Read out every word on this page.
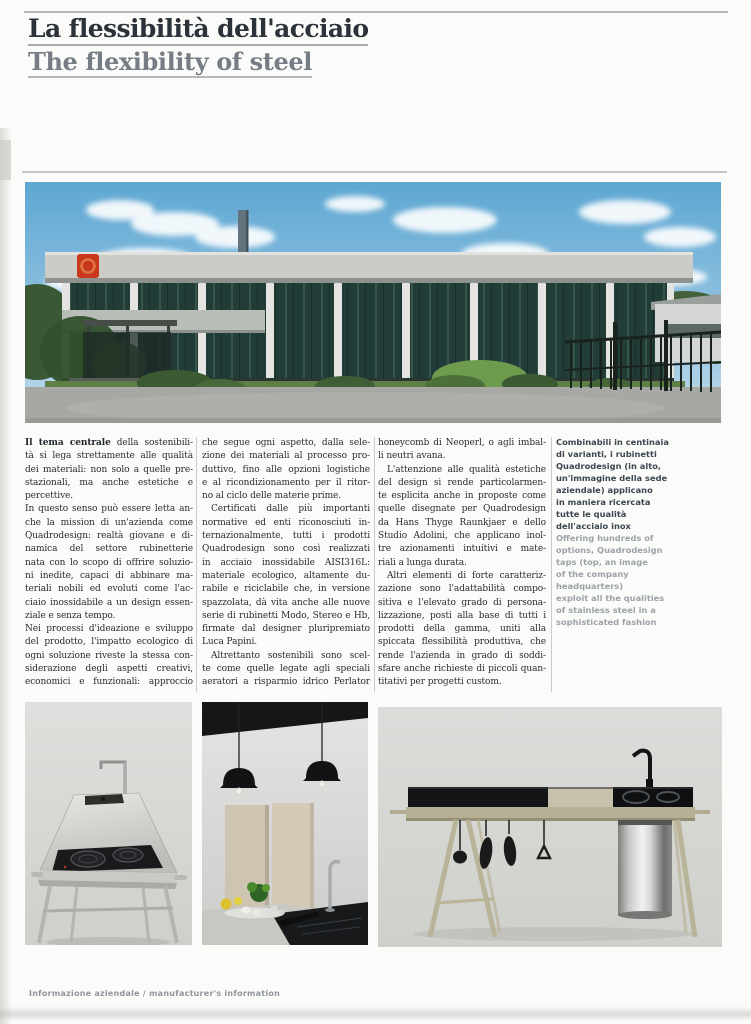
La flessibilità dell'acciaio
The flexibility of steel
Il tema centrale della sostenibili-
tà si lega strettamente alle qualità
dei materiali: non solo a quelle pre-
stazionali, ma anche estetiche e
percettive.
In questo senso può essere letta an-
che la mission di un'azienda come
Quadrodesign: realtà giovane e di-
namica del settore rubinetterie
nata con lo scopo di offrire soluzio-
ni inedite, capaci di abbinare ma-
teriali nobili ed evoluti come l'ac-
ciaio inossidabile a un design essen-
ziale e senza tempo.
Nei processi d'ideazione e sviluppo
del prodotto, l'impatto ecologico di
ogni soluzione riveste la stessa con-
siderazione degli aspetti creativi,
economici e funzionali: approccio
che segue ogni aspetto, dalla sele-
zione dei materiali al processo pro-
duttivo, fino alle opzioni logistiche
e al ricondizionamento per il ritor-
no al ciclo delle materie prime.
Certificati dalle più importanti
normative ed enti riconosciuti in-
ternazionalmente, tutti i prodotti
Quadrodesign sono così realizzati
in acciaio inossidabile AISI316L:
materiale ecologico, altamente du-
rabile e riciclabile che, in versione
spazzolata, dà vita anche alle nuove
serie di rubinetti Modo, Stereo e Hb,
firmate dal designer pluripremiato
Luca Papini.
Altrettanto sostenibili sono scel-
te come quelle legate agli speciali
aeratori a risparmio idrico Perlator
honeycomb di Neoperl, o agli imbal-
li neutri avana.
L'attenzione alle qualità estetiche
del design si rende particolarmen-
te esplicita anche in proposte come
quelle disegnate per Quadrodesign
da Hans Thyge Raunkjaer e dello
Studio Adolini, che applicano inol-
tre azionamenti intuitivi e mate-
riali a lunga durata.
Altri elementi di forte caratteriz-
zazione sono l'adattabilità compo-
sitiva e l'elevato grado di persona-
lizzazione, posti alla base di tutti i
prodotti della gamma, uniti alla
spiccata flessibilità produttiva, che
rende l'azienda in grado di soddi-
sfare anche richieste di piccoli quan-
titativi per progetti custom.
Combinabili in centinaia
di varianti, i rubinetti
Quadrodesign (in alto,
un'immagine della sede
aziendale) applicano
in maniera ricercata
tutte le qualità
dell'acciaio inox
Offering hundreds of
options, Quadrodesign
taps (top, an image
of the company
headquarters)
exploit all the qualities
of stainless steel in a
sophisticated fashion
Informazione aziendale / manufacturer's information
